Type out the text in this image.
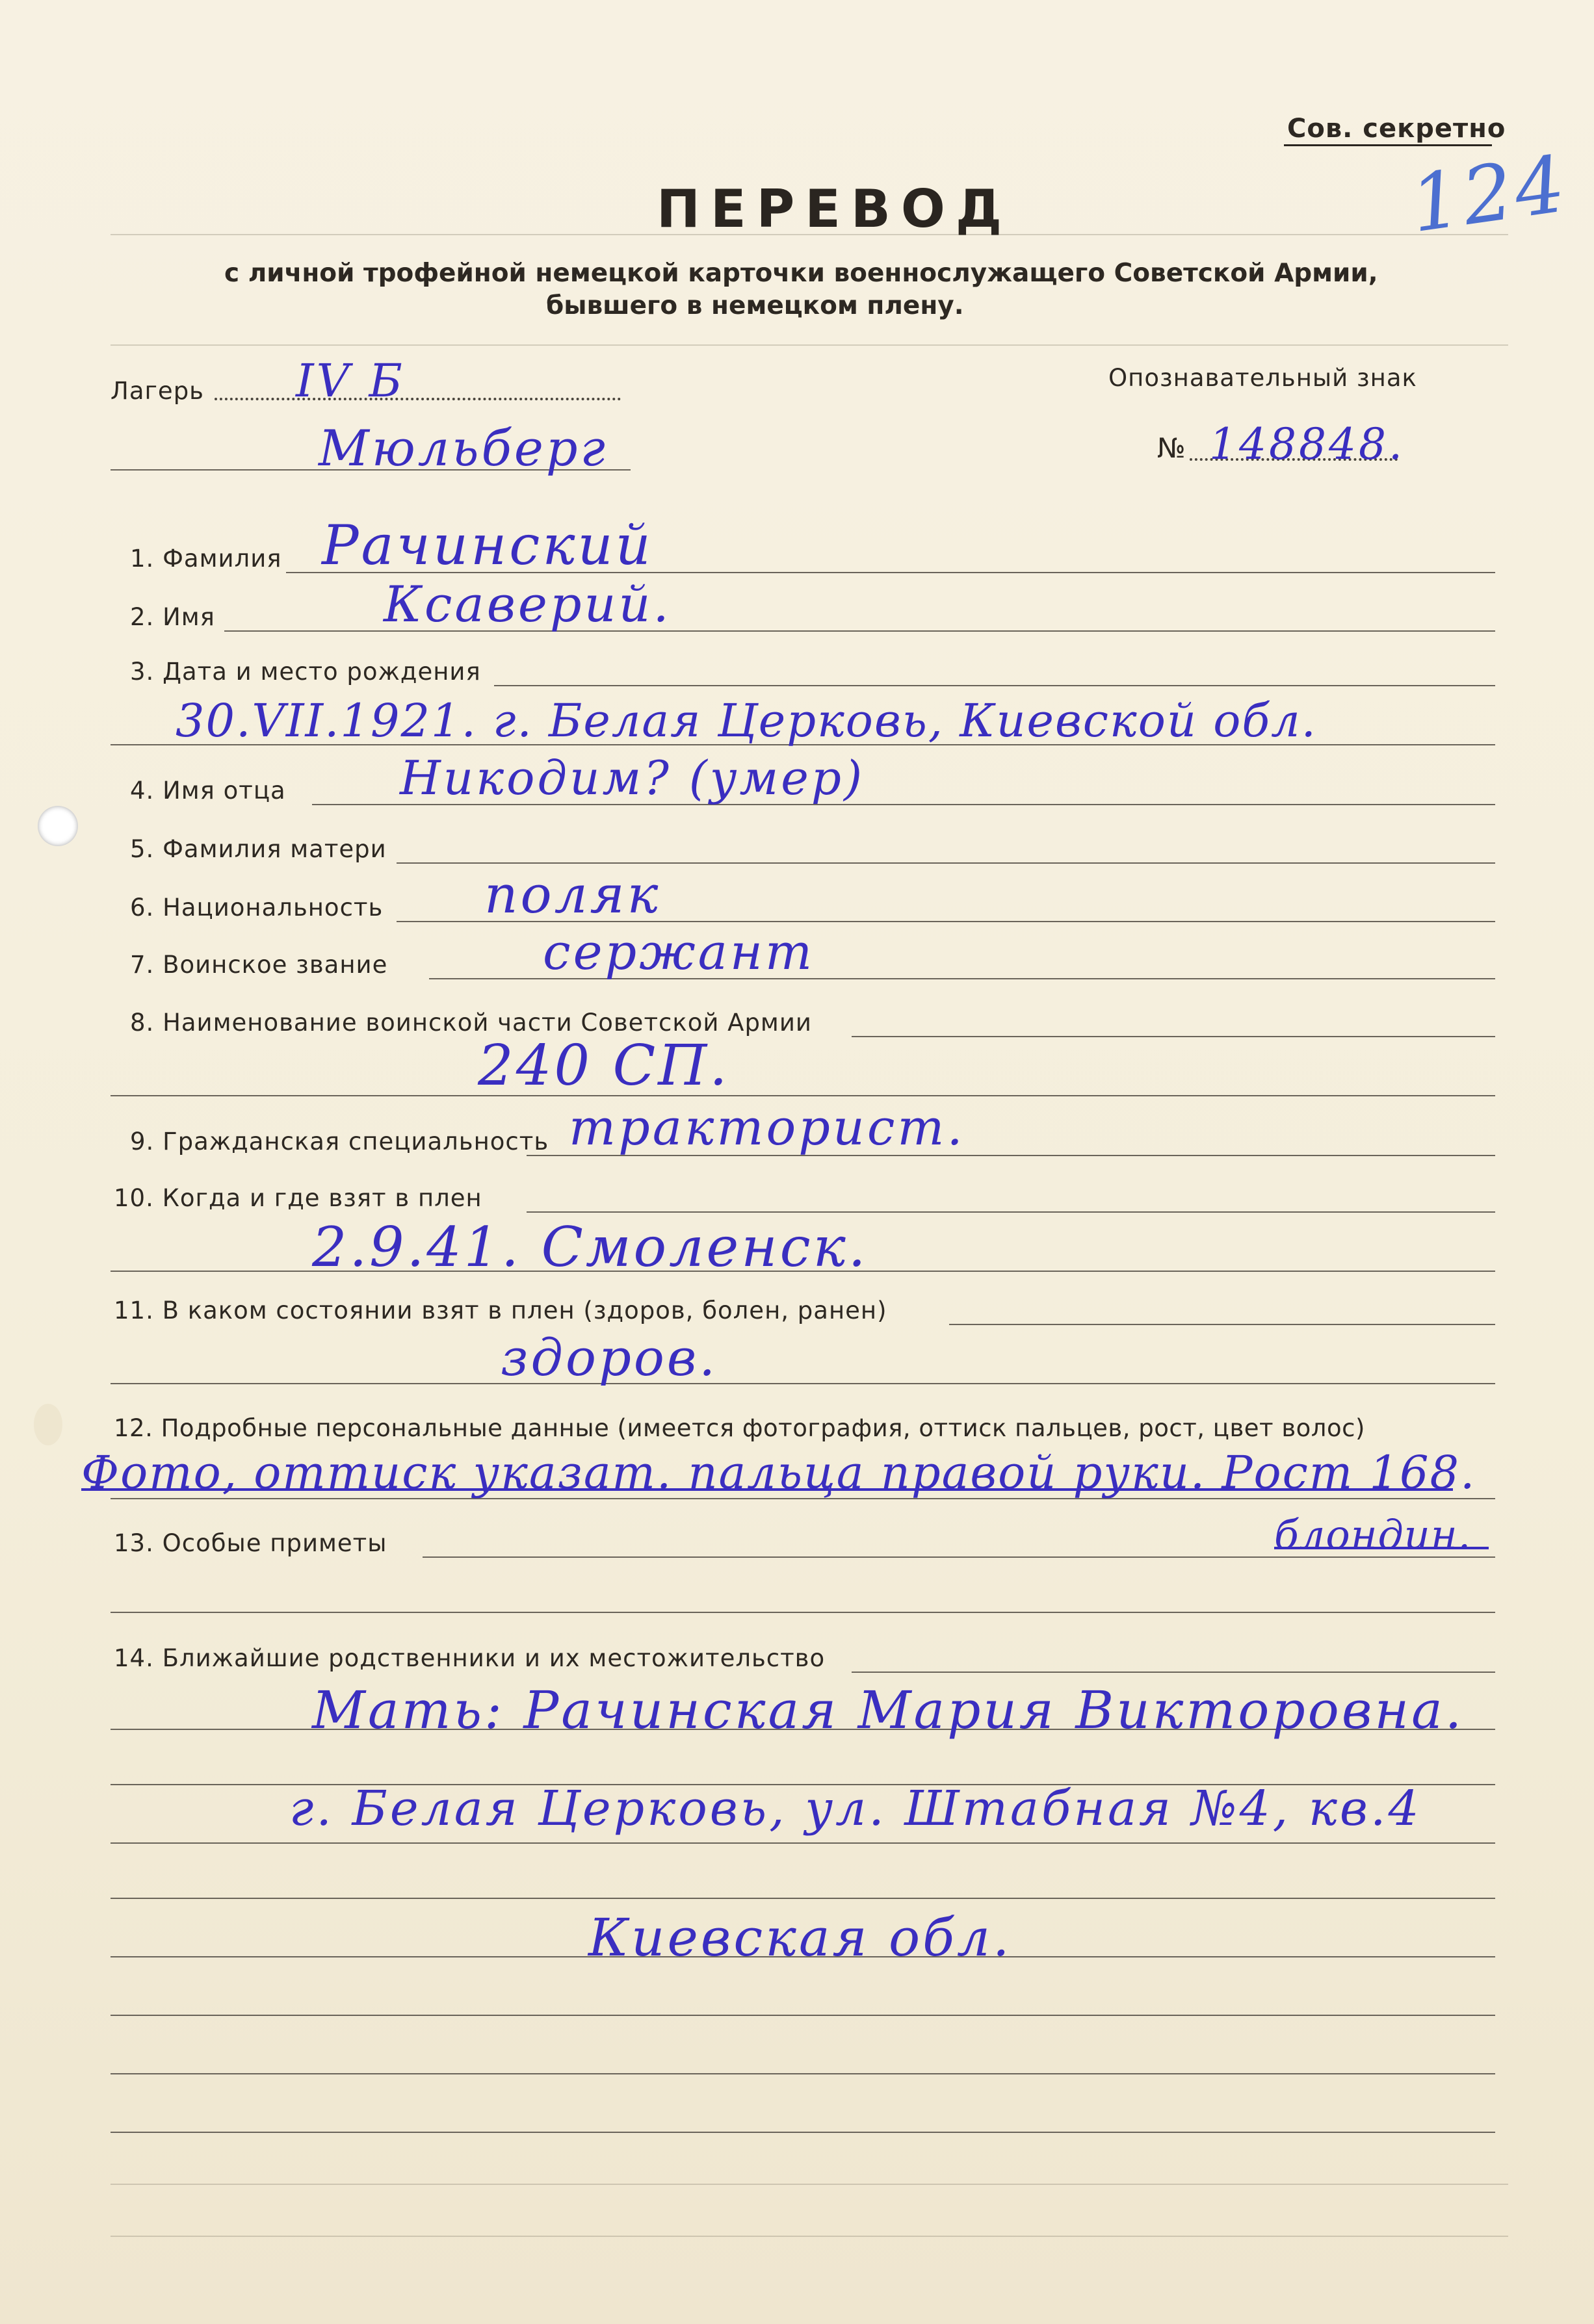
Сов. секретно
124
ПЕРЕВОД
с личной трофейной немецкой карточки военнослужащего Советской Армии,
бывшего в немецком плену.
Лагерь IV Б
Мюльберг
Опознавательный знак
№ 148848.
1. Фамилия Рачинский
2. Имя	Ксаверий.
3. Дата и место рождения
30.VII.1921. г. Белая Церковь, Киевской обл.
4. Имя отца Никодим? (умер)
5. Фамилия матери
6. Национальность поляк
7. Воинское звание	сержант
8. Наименование воинской части Советской Армии
240 СП.
9. Гражданская специальность тракторист.
10. Когда и где взят в плен
2.9.41. Смоленск.
11. В каком состоянии взят в плен (здоров, болен, ранен)
здоров.
12. Подробные персональные данные (имеется фотография, оттиск пальцев, рост, цвет волос)
Фото, оттиск указат. пальца правой руки. Рост 168.
13. Особые приметы	блондин.
14. Ближайшие родственники и их местожительство
Мать: Рачинская Мария Викторовна.
г. Белая Церковь, ул. Штабная №4, кв.4
Киевская обл.
